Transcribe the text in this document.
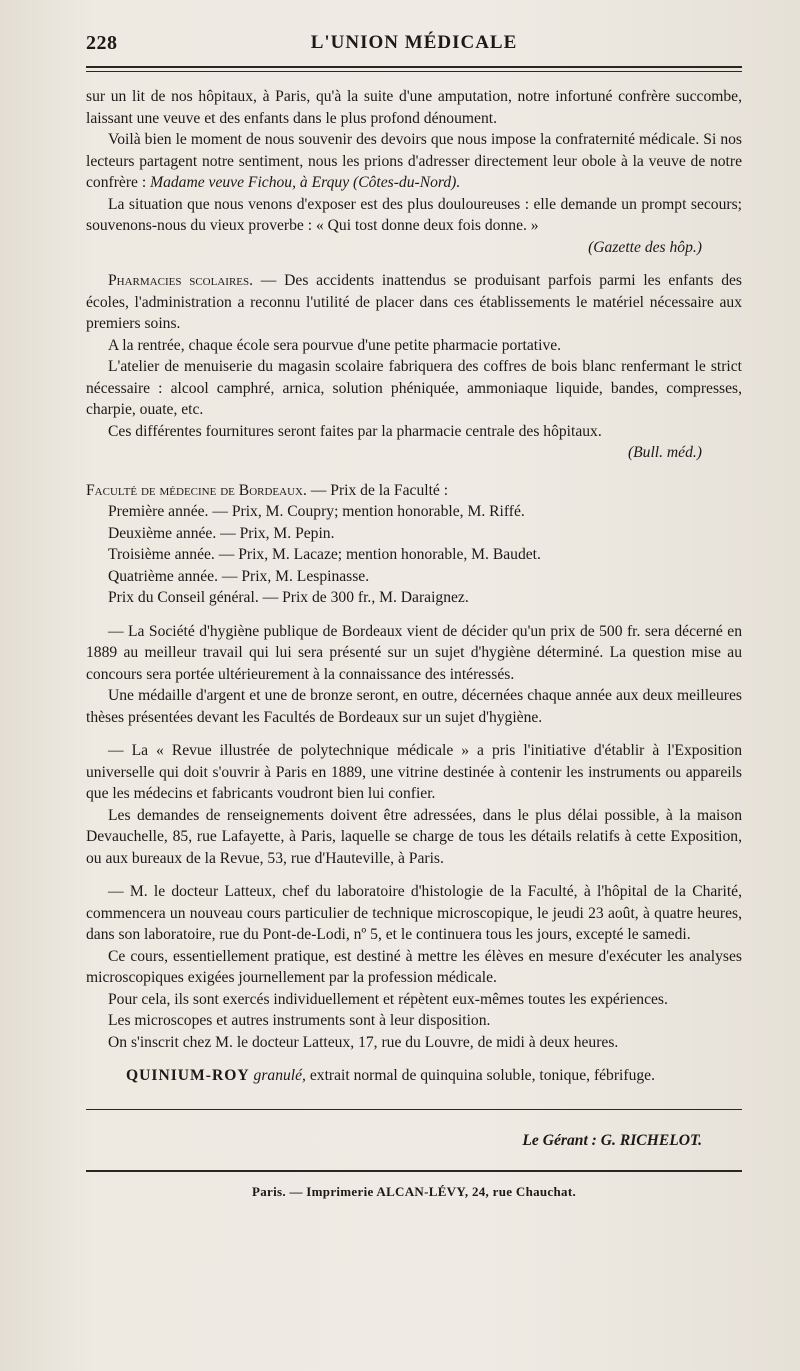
228	L'UNION MÉDICALE

sur un lit de nos hôpitaux, à Paris, qu'à la suite d'une amputation, notre infortuné confrère succombe, laissant une veuve et des enfants dans le plus profond dénoument.

Voilà bien le moment de nous souvenir des devoirs que nous impose la confraternité médicale. Si nos lecteurs partagent notre sentiment, nous les prions d'adresser directement leur obole à la veuve de notre confrère : Madame veuve Fichou, à Erquy (Côtes-du-Nord).

La situation que nous venons d'exposer est des plus douloureuses : elle demande un prompt secours; souvenons-nous du vieux proverbe : « Qui tost donne deux fois donne. »

(Gazette des hôp.)

Pharmacies scolaires. — Des accidents inattendus se produisant parfois parmi les enfants des écoles, l'administration a reconnu l'utilité de placer dans ces établissements le matériel nécessaire aux premiers soins.

A la rentrée, chaque école sera pourvue d'une petite pharmacie portative.

L'atelier de menuiserie du magasin scolaire fabriquera des coffres de bois blanc renfermant le strict nécessaire : alcool camphré, arnica, solution phéniquée, ammoniaque liquide, bandes, compresses, charpie, ouate, etc.

Ces différentes fournitures seront faites par la pharmacie centrale des hôpitaux.

(Bull. méd.)

Faculté de médecine de Bordeaux. — Prix de la Faculté :

Première année. — Prix, M. Coupry; mention honorable, M. Riffé.

Deuxième année. — Prix, M. Pepin.

Troisième année. — Prix, M. Lacaze; mention honorable, M. Baudet.

Quatrième année. — Prix, M. Lespinasse.

Prix du Conseil général. — Prix de 300 fr., M. Daraignez.

— La Société d'hygiène publique de Bordeaux vient de décider qu'un prix de 500 fr. sera décerné en 1889 au meilleur travail qui lui sera présenté sur un sujet d'hygiène déterminé. La question mise au concours sera portée ultérieurement à la connaissance des intéressés.

Une médaille d'argent et une de bronze seront, en outre, décernées chaque année aux deux meilleures thèses présentées devant les Facultés de Bordeaux sur un sujet d'hygiène.

— La « Revue illustrée de polytechnique médicale » a pris l'initiative d'établir à l'Exposition universelle qui doit s'ouvrir à Paris en 1889, une vitrine destinée à contenir les instruments ou appareils que les médecins et fabricants voudront bien lui confier.

Les demandes de renseignements doivent être adressées, dans le plus délai possible, à la maison Devauchelle, 85, rue Lafayette, à Paris, laquelle se charge de tous les détails relatifs à cette Exposition, ou aux bureaux de la Revue, 53, rue d'Hauteville, à Paris.

— M. le docteur Latteux, chef du laboratoire d'histologie de la Faculté, à l'hôpital de la Charité, commencera un nouveau cours particulier de technique microscopique, le jeudi 23 août, à quatre heures, dans son laboratoire, rue du Pont-de-Lodi, nº 5, et le continuera tous les jours, excepté le samedi.

Ce cours, essentiellement pratique, est destiné à mettre les élèves en mesure d'exécuter les analyses microscopiques exigées journellement par la profession médicale.

Pour cela, ils sont exercés individuellement et répètent eux-mêmes toutes les expériences.

Les microscopes et autres instruments sont à leur disposition.

On s'inscrit chez M. le docteur Latteux, 17, rue du Louvre, de midi à deux heures.

QUINIUM-ROY granulé, extrait normal de quinquina soluble, tonique, fébrifuge.

Le Gérant : G. RICHELOT.
Paris. — Imprimerie ALCAN-LÉVY, 24, rue Chauchat.
